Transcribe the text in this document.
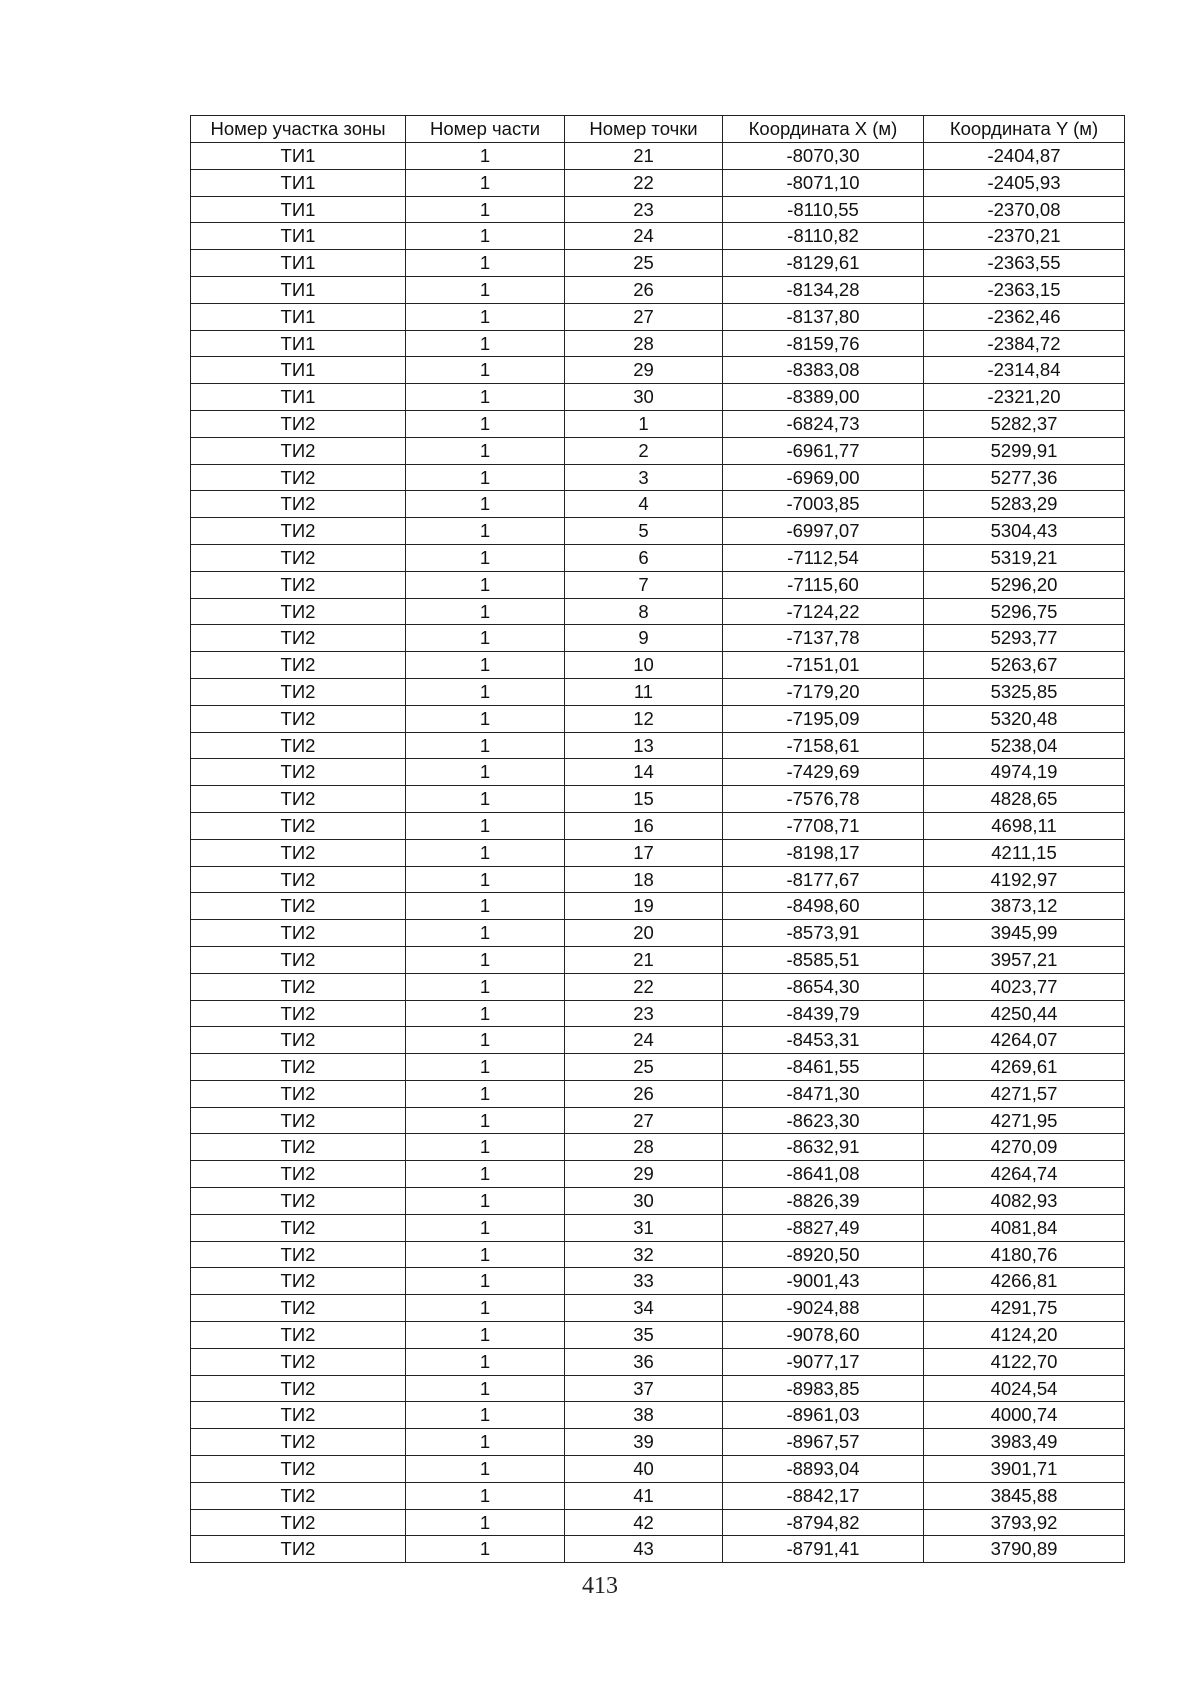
Номер участка зоны	Номер части	Номер точки	Координата X (м)	Координата Y (м)
ТИ1	1	21	-8070,30	-2404,87
ТИ1	1	22	-8071,10	-2405,93
ТИ1	1	23	-8110,55	-2370,08
ТИ1	1	24	-8110,82	-2370,21
ТИ1	1	25	-8129,61	-2363,55
ТИ1	1	26	-8134,28	-2363,15
ТИ1	1	27	-8137,80	-2362,46
ТИ1	1	28	-8159,76	-2384,72
ТИ1	1	29	-8383,08	-2314,84
ТИ1	1	30	-8389,00	-2321,20
ТИ2	1	1	-6824,73	5282,37
ТИ2	1	2	-6961,77	5299,91
ТИ2	1	3	-6969,00	5277,36
ТИ2	1	4	-7003,85	5283,29
ТИ2	1	5	-6997,07	5304,43
ТИ2	1	6	-7112,54	5319,21
ТИ2	1	7	-7115,60	5296,20
ТИ2	1	8	-7124,22	5296,75
ТИ2	1	9	-7137,78	5293,77
ТИ2	1	10	-7151,01	5263,67
ТИ2	1	11	-7179,20	5325,85
ТИ2	1	12	-7195,09	5320,48
ТИ2	1	13	-7158,61	5238,04
ТИ2	1	14	-7429,69	4974,19
ТИ2	1	15	-7576,78	4828,65
ТИ2	1	16	-7708,71	4698,11
ТИ2	1	17	-8198,17	4211,15
ТИ2	1	18	-8177,67	4192,97
ТИ2	1	19	-8498,60	3873,12
ТИ2	1	20	-8573,91	3945,99
ТИ2	1	21	-8585,51	3957,21
ТИ2	1	22	-8654,30	4023,77
ТИ2	1	23	-8439,79	4250,44
ТИ2	1	24	-8453,31	4264,07
ТИ2	1	25	-8461,55	4269,61
ТИ2	1	26	-8471,30	4271,57
ТИ2	1	27	-8623,30	4271,95
ТИ2	1	28	-8632,91	4270,09
ТИ2	1	29	-8641,08	4264,74
ТИ2	1	30	-8826,39	4082,93
ТИ2	1	31	-8827,49	4081,84
ТИ2	1	32	-8920,50	4180,76
ТИ2	1	33	-9001,43	4266,81
ТИ2	1	34	-9024,88	4291,75
ТИ2	1	35	-9078,60	4124,20
ТИ2	1	36	-9077,17	4122,70
ТИ2	1	37	-8983,85	4024,54
ТИ2	1	38	-8961,03	4000,74
ТИ2	1	39	-8967,57	3983,49
ТИ2	1	40	-8893,04	3901,71
ТИ2	1	41	-8842,17	3845,88
ТИ2	1	42	-8794,82	3793,92
ТИ2	1	43	-8791,41	3790,89
413
